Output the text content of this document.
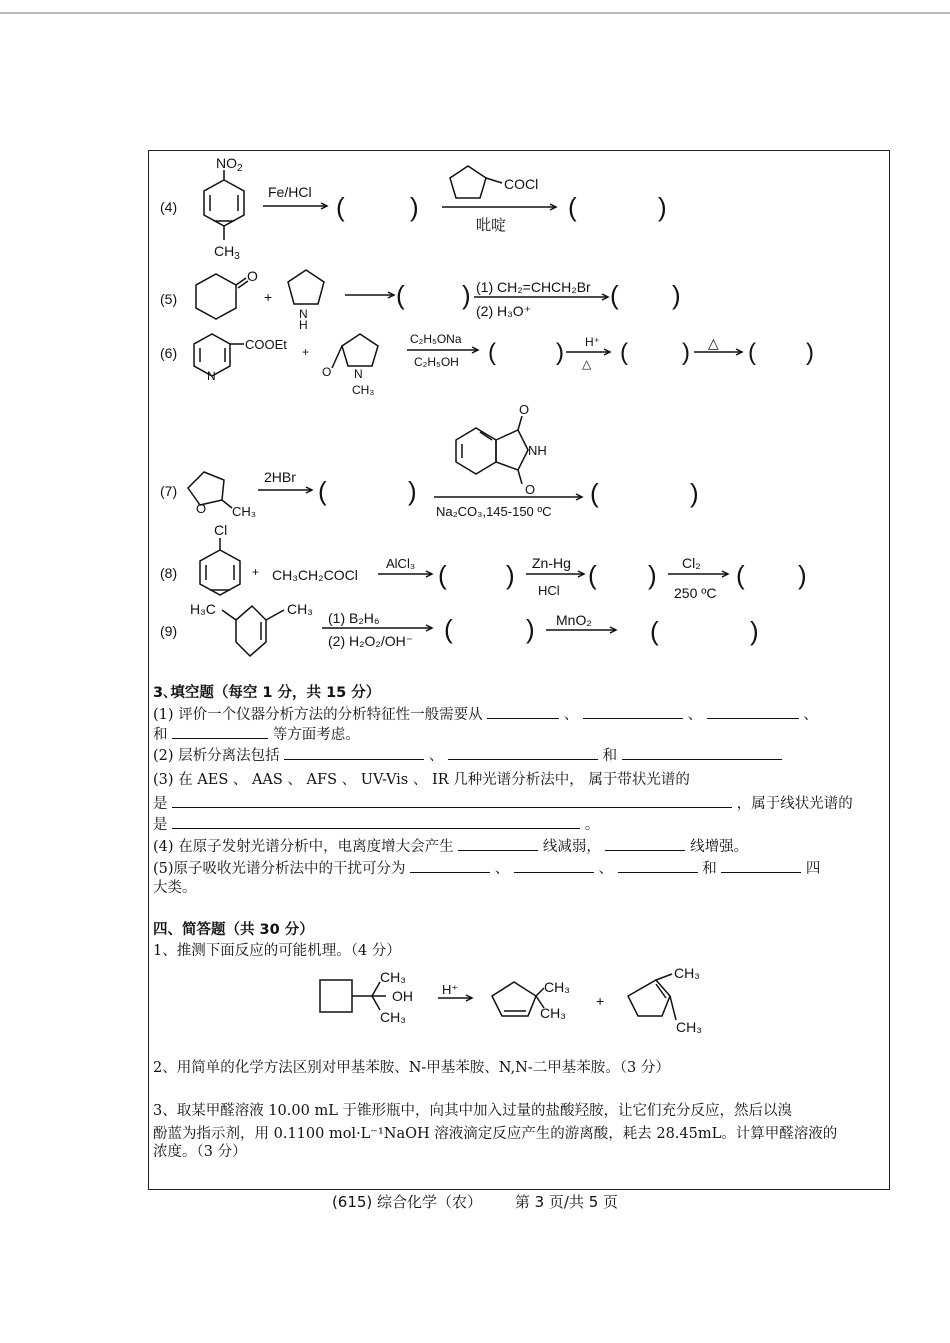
(4)
$NO_2$
$CH_3$
Fe/HCl (	)
COCl
吡啶
(	)
(5)
O
+
N
H
( ) (1) CH₂=CHCH₂Br
(2) H₃O⁺
( )
(6)
COOEt
N
+
O N
CH₃
C₂H₅ONa
C₂H₅OH (	) H⁺
△ ( ) △ ( )
(7)
O CH₃
2HBr (	)
O
NH
O
Na₂CO₃,145-150 ºC
(	)
(8)
Cl
+ CH₃CH₂COCl
AlCl₃ ( ) Zn-Hg
HCl
( ) Cl₂
250 ºC
( )
(9)
H₃C	CH₃
(1) B₂H₆
(2) H₂O₂/OH⁻ (	) MnO₂ (	)
3､填空题（每空 1 分，共 15 分）
(1) 评价一个仪器分析方法的分析特征性一般需要从	、	、	、
和	等方面考虑。
(2) 层析分离法包括	、	和
(3) 在 AES 、 AAS 、 AFS 、 UV-Vis 、 IR 几种光谱分析法中， 属于带状光谱的
是	，属于线状光谱的
是	。
(4) 在原子发射光谱分析中，电离度增大会产生	线减弱，	线增强。
(5)原子吸收光谱分析法中的干扰可分为	、	、	和	四
大类。
四、简答题（共 30 分）
1、推测下面反应的可能机理。（4 分）
CH₃
OH
CH₃
H⁺	CH₃
CH₃
+
CH₃
CH₃
2、用简单的化学方法区别对甲基苯胺、N-甲基苯胺、N,N-二甲基苯胺。（3 分）
3、取某甲醛溶液 10.00 mL 于锥形瓶中，向其中加入过量的盐酸羟胺，让它们充分反应，然后以溴
酚蓝为指示剂，用 0.1100 mol·L⁻¹NaOH 溶液滴定反应产生的游离酸，耗去 28.45mL。计算甲醛溶液的
浓度。（3 分）
(615) 综合化学（农） 第 3 页/共 5 页
